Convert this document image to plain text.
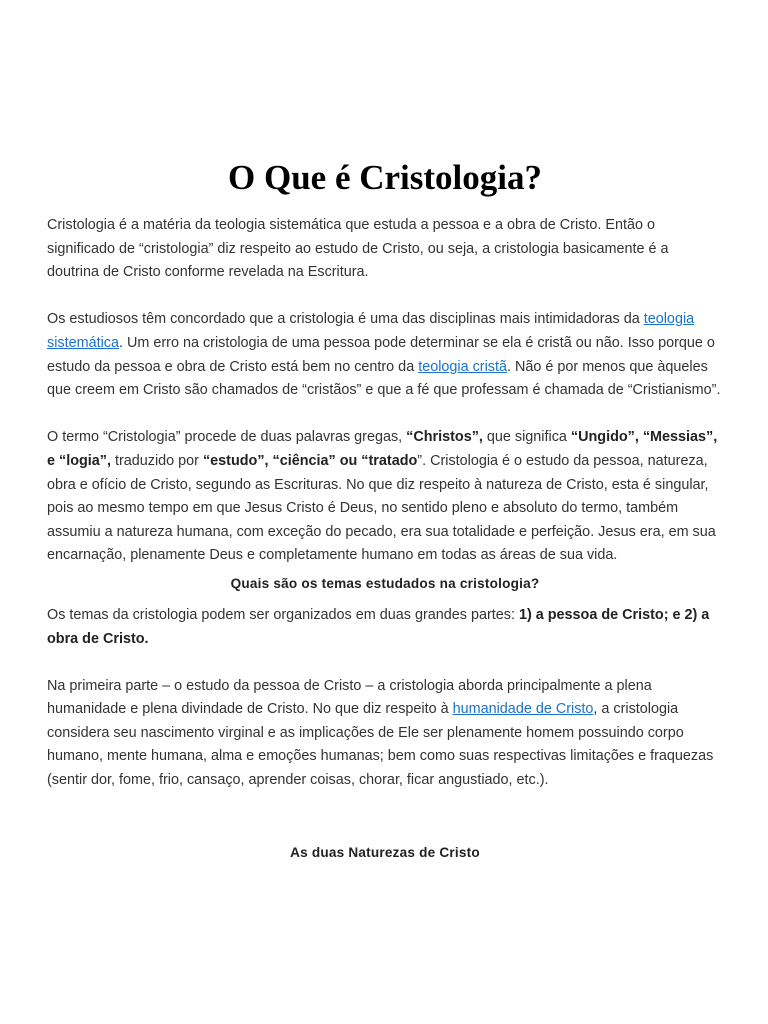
O Que é Cristologia?

Cristologia é a matéria da teologia sistemática que estuda a pessoa e a obra de Cristo. Então o significado de “cristologia” diz respeito ao estudo de Cristo, ou seja, a cristologia basicamente é a doutrina de Cristo conforme revelada na Escritura.

Os estudiosos têm concordado que a cristologia é uma das disciplinas mais intimidadoras da teologia sistemática. Um erro na cristologia de uma pessoa pode determinar se ela é cristã ou não. Isso porque o estudo da pessoa e obra de Cristo está bem no centro da teologia cristã. Não é por menos que àqueles que creem em Cristo são chamados de “cristãos” e que a fé que professam é chamada de “Cristianismo”.

O termo “Cristologia” procede de duas palavras gregas, “Christos”, que significa “Ungido”, “Messias”, e “logia”, traduzido por “estudo”, “ciência” ou “tratado”. Cristologia é o estudo da pessoa, natureza, obra e ofício de Cristo, segundo as Escrituras. No que diz respeito à natureza de Cristo, esta é singular, pois ao mesmo tempo em que Jesus Cristo é Deus, no sentido pleno e absoluto do termo, também assumiu a natureza humana, com exceção do pecado, era sua totalidade e perfeição. Jesus era, em sua encarnação, plenamente Deus e completamente humano em todas as áreas de sua vida.

Quais são os temas estudados na cristologia?

Os temas da cristologia podem ser organizados em duas grandes partes: 1) a pessoa de Cristo; e 2) a obra de Cristo.

Na primeira parte – o estudo da pessoa de Cristo – a cristologia aborda principalmente a plena humanidade e plena divindade de Cristo. No que diz respeito à humanidade de Cristo, a cristologia considera seu nascimento virginal e as implicações de Ele ser plenamente homem possuindo corpo humano, mente humana, alma e emoções humanas; bem como suas respectivas limitações e fraquezas (sentir dor, fome, frio, cansaço, aprender coisas, chorar, ficar angustiado, etc.).

As duas Naturezas de Cristo
